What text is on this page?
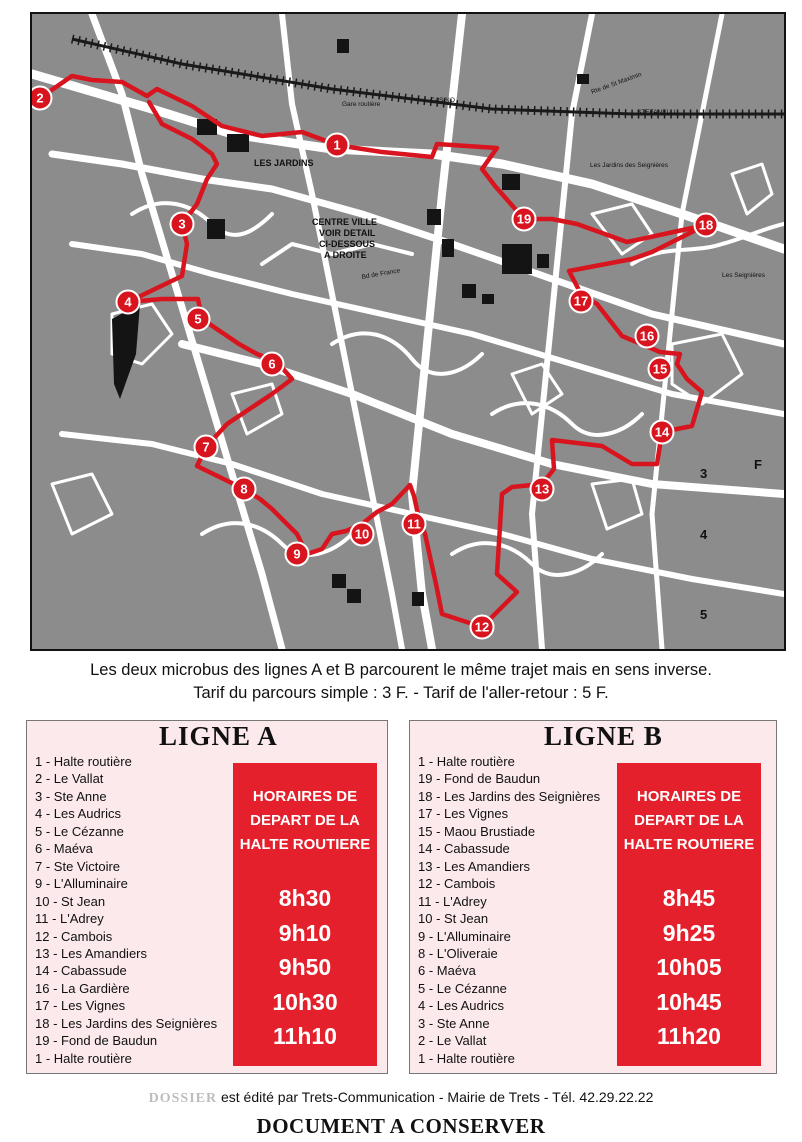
CASINO
Gare routière
LES JARDINS
CENTRE VILLE
VOIR DETAIL
CI-DESSOUS
A DROITE
Les Jardins des Seignières
Les Seignières
STEFANELLI
Rte de St Maximin
Bd de France
3
4
5
F
1
2
3
4
5
6
7
8
9
10
11
12
13
14
15
16
17
18
19
Les deux microbus des lignes A et B parcourent le même trajet mais en sens inverse.
Tarif du parcours simple : 3 F. - Tarif de l'aller-retour : 5 F.
LIGNE A
1 - Halte routière
2 - Le Vallat
3 - Ste Anne
4 - Les Audrics
5 - Le Cézanne
6 - Maéva
7 - Ste Victoire
9 - L'Alluminaire
10 - St Jean
11 - L'Adrey
12 - Cambois
13 - Les Amandiers
14 - Cabassude
16 - La Gardière
17 - Les Vignes
18 - Les Jardins des Seignières
19 - Fond de Baudun
1 - Halte routière
HORAIRES DE
DEPART DE LA
HALTE ROUTIERE
8h30
9h10
9h50
10h30
11h10
LIGNE B
1 - Halte routière
19 - Fond de Baudun
18 - Les Jardins des Seignières
17 - Les Vignes
15 - Maou Brustiade
14 - Cabassude
13 - Les Amandiers
12 - Cambois
11 - L'Adrey
10 - St Jean
9 - L'Alluminaire
8 - L'Oliveraie
6 - Maéva
5 - Le Cézanne
4 - Les Audrics
3 - Ste Anne
2 - Le Vallat
1 - Halte routière
HORAIRES DE
DEPART DE LA
HALTE ROUTIERE
8h45
9h25
10h05
10h45
11h20
DOSSIER est édité par Trets-Communication - Mairie de Trets - Tél. 42.29.22.22
DOCUMENT A CONSERVER
